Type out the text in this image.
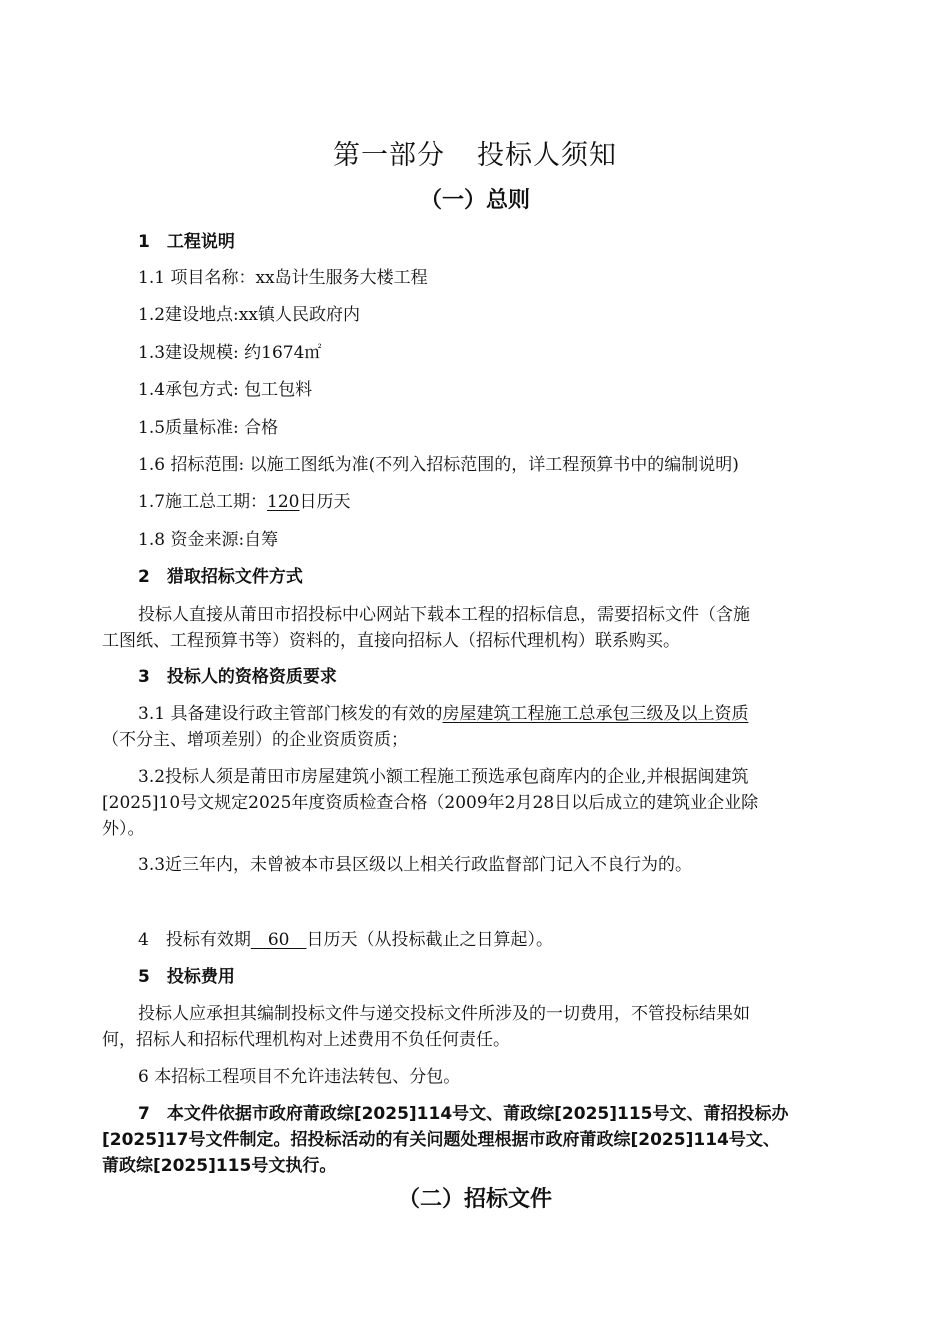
第一部分 投标人须知
（一）总则
1　工程说明
1.1 项目名称：xx岛计生服务大楼工程
1.2建设地点:xx镇人民政府内
1.3建设规模: 约1674㎡
1.4承包方式: 包工包料
1.5质量标准: 合格
1.6 招标范围: 以施工图纸为准(不列入招标范围的，详工程预算书中的编制说明)
1.7施工总工期：120日历天
1.8 资金来源:自筹
2　猎取招标文件方式
投标人直接从莆田市招投标中心网站下载本工程的招标信息，需要招标文件（含施
工图纸、工程预算书等）资料的，直接向招标人（招标代理机构）联系购买。
3　投标人的资格资质要求
3.1 具备建设行政主管部门核发的有效的房屋建筑工程施工总承包三级及以上资质
（不分主、增项差别）的企业资质资质；
3.2投标人须是莆田市房屋建筑小额工程施工预选承包商库内的企业,并根据闽建筑
[2025]10号文规定2025年度资质检查合格（2009年2月28日以后成立的建筑业企业除
外）。
3.3近三年内，未曾被本市县区级以上相关行政监督部门记入不良行为的。
4　投标有效期　60　日历天（从投标截止之日算起）。
5　投标费用
投标人应承担其编制投标文件与递交投标文件所涉及的一切费用，不管投标结果如
何，招标人和招标代理机构对上述费用不负任何责任。
6 本招标工程项目不允许违法转包、分包。
7　本文件依据市政府莆政综[2025]114号文、莆政综[2025]115号文、莆招投标办
[2025]17号文件制定。招投标活动的有关问题处理根据市政府莆政综[2025]114号文、
莆政综[2025]115号文执行。
（二）招标文件
